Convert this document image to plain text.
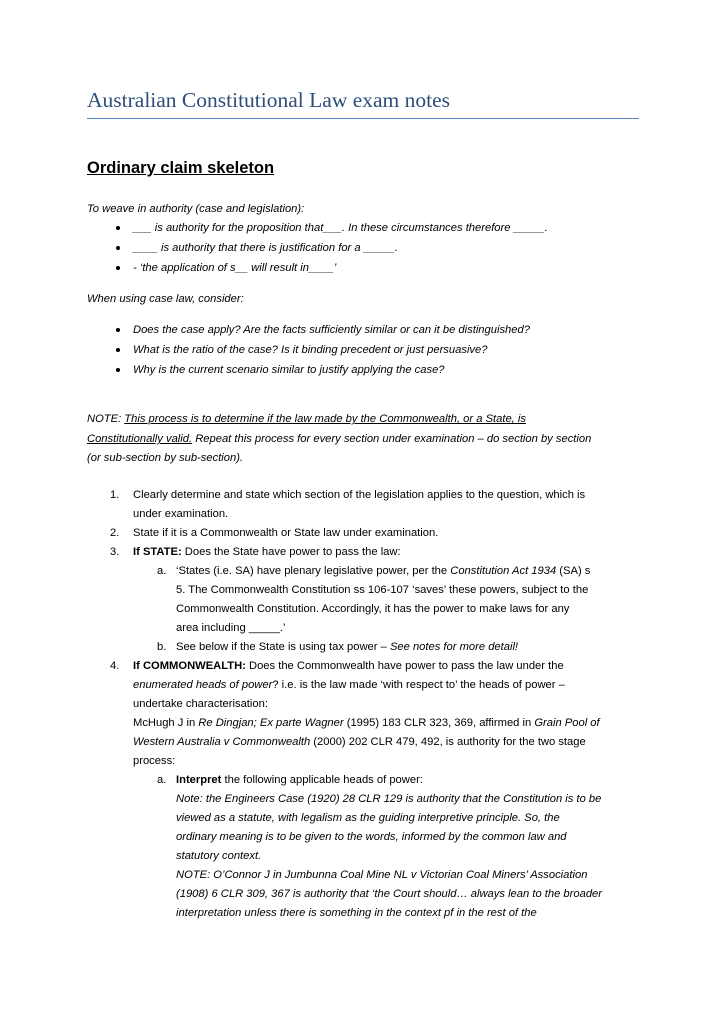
Australian Constitutional Law exam notes
Ordinary claim skeleton
To weave in authority (case and legislation):
___ is authority for the proposition that___. In these circumstances therefore _____.
____ is authority that there is justification for a _____.
- ‘the application of s__ will result in____’
When using case law, consider:
Does the case apply? Are the facts sufficiently similar or can it be distinguished?
What is the ratio of the case? Is it binding precedent or just persuasive?
Why is the current scenario similar to justify applying the case?
NOTE: This process is to determine if the law made by the Commonwealth, or a State, is
Constitutionally valid. Repeat this process for every section under examination – do section by section
(or sub-section by sub-section).
1. Clearly determine and state which section of the legislation applies to the question, which is
under examination.
2. State if it is a Commonwealth or State law under examination.
3. If STATE: Does the State have power to pass the law:
a. ‘States (i.e. SA) have plenary legislative power, per the Constitution Act 1934 (SA) s
5. The Commonwealth Constitution ss 106-107 ‘saves’ these powers, subject to the
Commonwealth Constitution. Accordingly, it has the power to make laws for any
area including _____.’
b. See below if the State is using tax power – See notes for more detail!
4. If COMMONWEALTH: Does the Commonwealth have power to pass the law under the
enumerated heads of power? i.e. is the law made ‘with respect to’ the heads of power –
undertake characterisation:
McHugh J in Re Dingjan; Ex parte Wagner (1995) 183 CLR 323, 369, affirmed in Grain Pool of
Western Australia v Commonwealth (2000) 202 CLR 479, 492, is authority for the two stage
process:
a. Interpret the following applicable heads of power:
Note: the Engineers Case (1920) 28 CLR 129 is authority that the Constitution is to be
viewed as a statute, with legalism as the guiding interpretive principle. So, the
ordinary meaning is to be given to the words, informed by the common law and
statutory context.
NOTE: O’Connor J in Jumbunna Coal Mine NL v Victorian Coal Miners’ Association
(1908) 6 CLR 309, 367 is authority that ‘the Court should… always lean to the broader
interpretation unless there is something in the context pf in the rest of the
